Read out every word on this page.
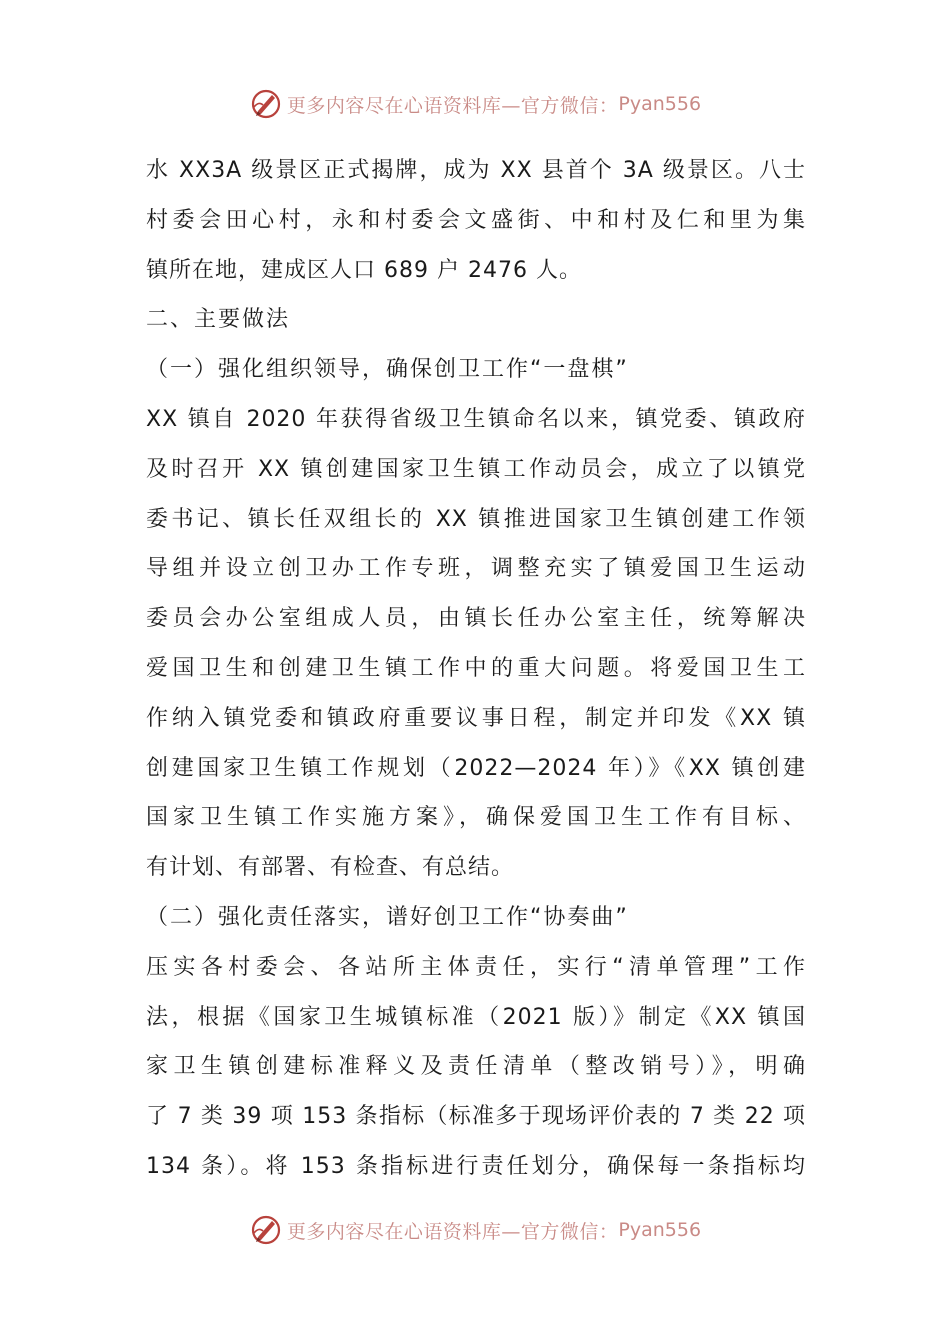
更多内容尽在心语资料库—官方微信： Pyan556
水 XX3A 级景区正式揭牌，成为 XX 县首个 3A 级景区。八士
村委会田心村，永和村委会文盛街、中和村及仁和里为集
镇所在地，建成区人口 689 户 2476 人。
二、主要做法
（一）强化组织领导，确保创卫工作“一盘棋”
XX 镇自 2020 年获得省级卫生镇命名以来，镇党委、镇政府
及时召开 XX 镇创建国家卫生镇工作动员会，成立了以镇党
委书记、镇长任双组长的 XX 镇推进国家卫生镇创建工作领
导组并设立创卫办工作专班，调整充实了镇爱国卫生运动
委员会办公室组成人员，由镇长任办公室主任，统筹解决
爱国卫生和创建卫生镇工作中的重大问题。将爱国卫生工
作纳入镇党委和镇政府重要议事日程，制定并印发《XX 镇
创建国家卫生镇工作规划（2022—2024 年）》《XX 镇创建
国家卫生镇工作实施方案》，确保爱国卫生工作有目标、
有计划、有部署、有检查、有总结。
（二）强化责任落实，谱好创卫工作“协奏曲”
压实各村委会、各站所主体责任，实行“清单管理”工作
法，根据《国家卫生城镇标准（2021 版）》制定《XX 镇国
家卫生镇创建标准释义及责任清单（整改销号）》，明确
了 7 类 39 项 153 条指标（标准多于现场评价表的 7 类 22 项
134 条）。将 153 条指标进行责任划分，确保每一条指标均
更多内容尽在心语资料库—官方微信： Pyan556
